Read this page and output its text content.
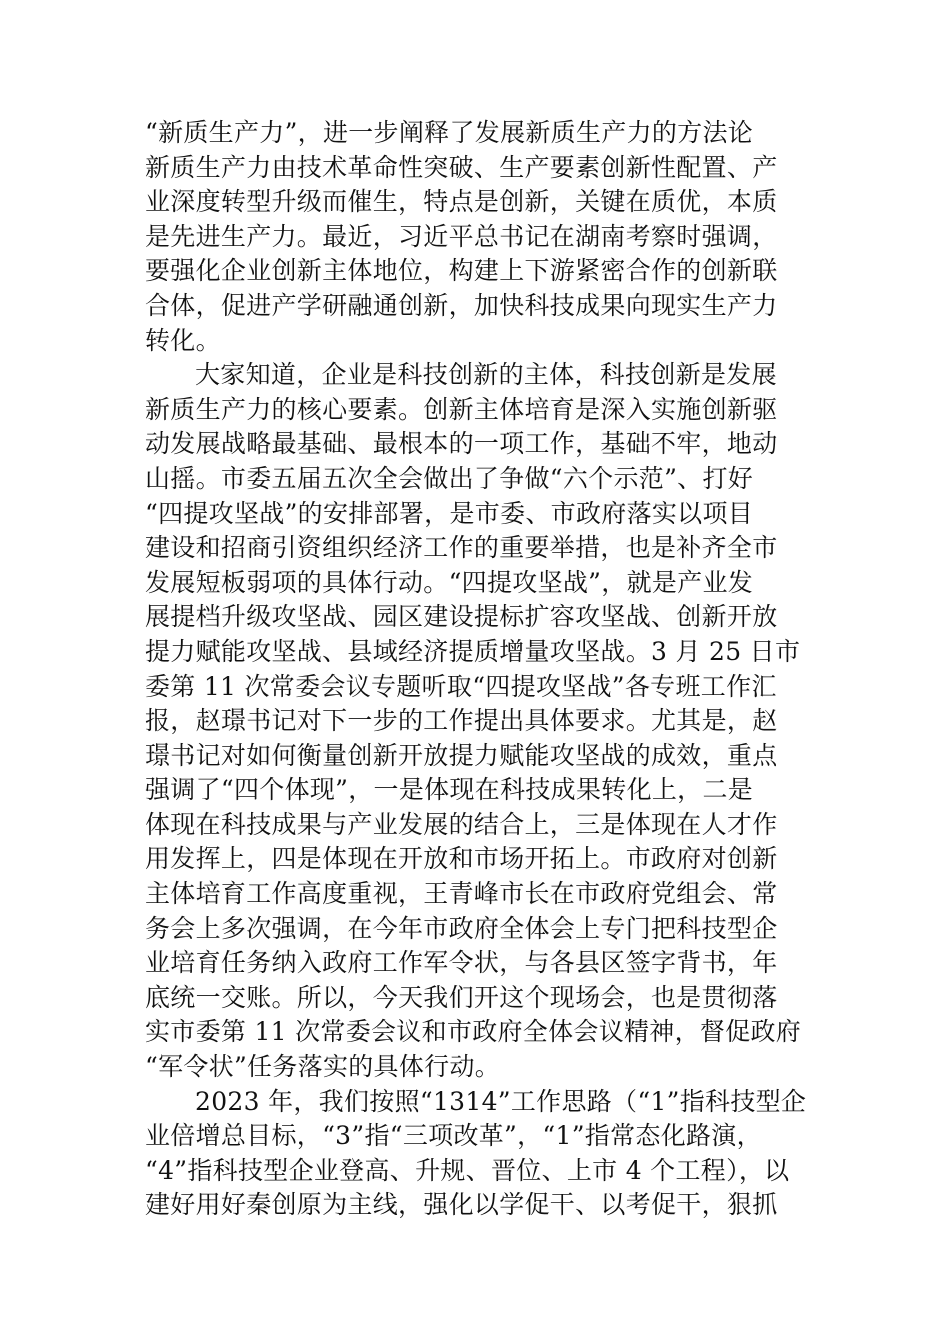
“新质生产力”，进一步阐释了发展新质生产力的方法论
新质生产力由技术革命性突破、生产要素创新性配置、产
业深度转型升级而催生，特点是创新，关键在质优，本质
是先进生产力。最近，习近平总书记在湖南考察时强调，
要强化企业创新主体地位，构建上下游紧密合作的创新联
合体，促进产学研融通创新，加快科技成果向现实生产力
转化。

大家知道，企业是科技创新的主体，科技创新是发展
新质生产力的核心要素。创新主体培育是深入实施创新驱
动发展战略最基础、最根本的一项工作，基础不牢，地动
山摇。市委五届五次全会做出了争做“六个示范”、打好
“四提攻坚战”的安排部署，是市委、市政府落实以项目
建设和招商引资组织经济工作的重要举措，也是补齐全市
发展短板弱项的具体行动。“四提攻坚战”，就是产业发
展提档升级攻坚战、园区建设提标扩容攻坚战、创新开放
提力赋能攻坚战、县域经济提质增量攻坚战。3 月 25 日市
委第 11 次常委会议专题听取“四提攻坚战”各专班工作汇
报，赵璟书记对下一步的工作提出具体要求。尤其是，赵
璟书记对如何衡量创新开放提力赋能攻坚战的成效，重点
强调了“四个体现”，一是体现在科技成果转化上，二是
体现在科技成果与产业发展的结合上，三是体现在人才作
用发挥上，四是体现在开放和市场开拓上。市政府对创新
主体培育工作高度重视，王青峰市长在市政府党组会、常
务会上多次强调，在今年市政府全体会上专门把科技型企
业培育任务纳入政府工作军令状，与各县区签字背书，年
底统一交账。所以，今天我们开这个现场会，也是贯彻落
实市委第 11 次常委会议和市政府全体会议精神，督促政府
“军令状”任务落实的具体行动。

2023 年，我们按照“1314”工作思路（“1”指科技型企
业倍增总目标，“3”指“三项改革”，“1”指常态化路演，
“4”指科技型企业登高、升规、晋位、上市 4 个工程），以
建好用好秦创原为主线，强化以学促干、以考促干，狠抓
